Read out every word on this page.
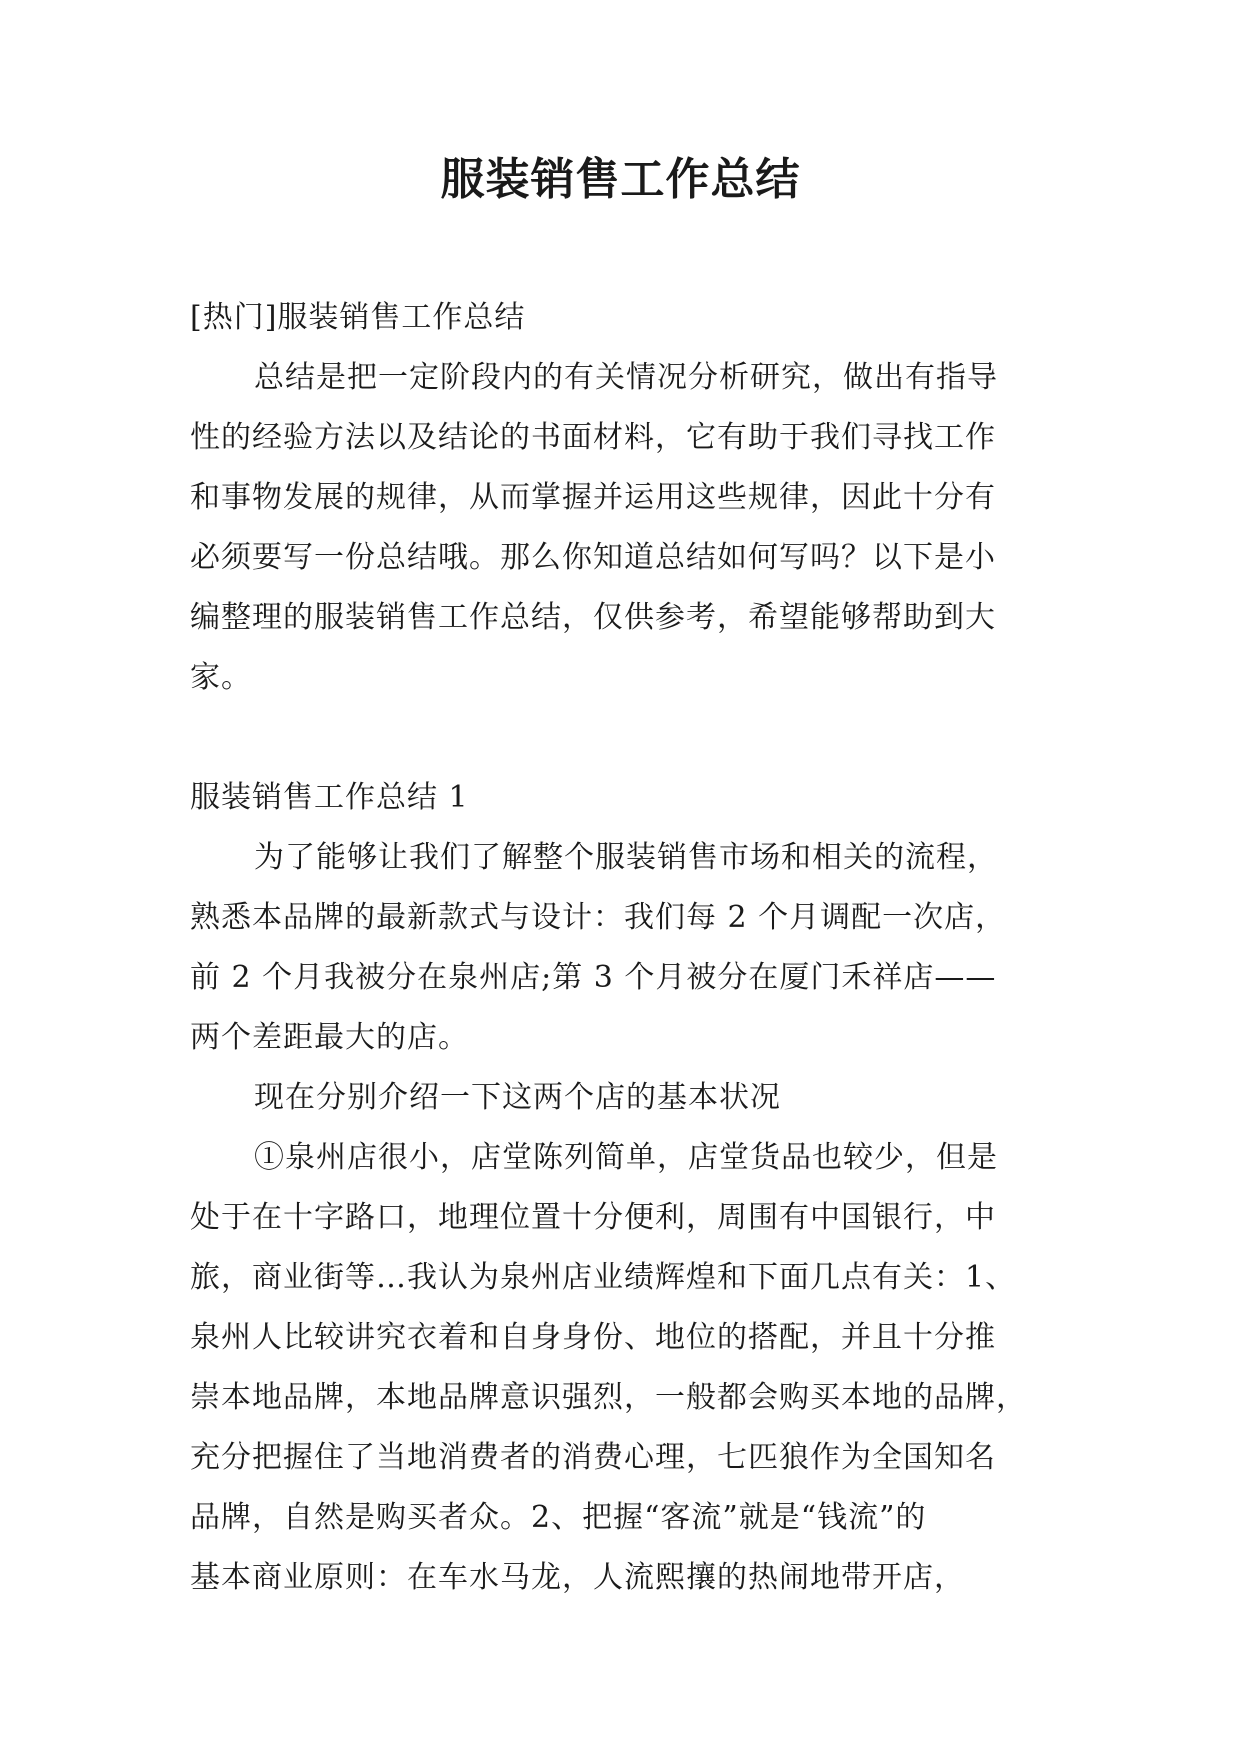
服装销售工作总结
[热门]服装销售工作总结
总结是把一定阶段内的有关情况分析研究，做出有指导
性的经验方法以及结论的书面材料，它有助于我们寻找工作
和事物发展的规律，从而掌握并运用这些规律，因此十分有
必须要写一份总结哦。那么你知道总结如何写吗？以下是小
编整理的服装销售工作总结，仅供参考，希望能够帮助到大
家。
服装销售工作总结 1
为了能够让我们了解整个服装销售市场和相关的流程，
熟悉本品牌的最新款式与设计：我们每 2 个月调配一次店，
前 2 个月我被分在泉州店;第 3 个月被分在厦门禾祥店——
两个差距最大的店。
现在分别介绍一下这两个店的基本状况
①泉州店很小，店堂陈列简单，店堂货品也较少，但是
处于在十字路口，地理位置十分便利，周围有中国银行，中
旅，商业街等…我认为泉州店业绩辉煌和下面几点有关：1、
泉州人比较讲究衣着和自身身份、地位的搭配，并且十分推
崇本地品牌，本地品牌意识强烈，一般都会购买本地的品牌，
充分把握住了当地消费者的消费心理，七匹狼作为全国知名
品牌，自然是购买者众。2、把握“客流”就是“钱流”的
基本商业原则：在车水马龙，人流熙攘的热闹地带开店，
